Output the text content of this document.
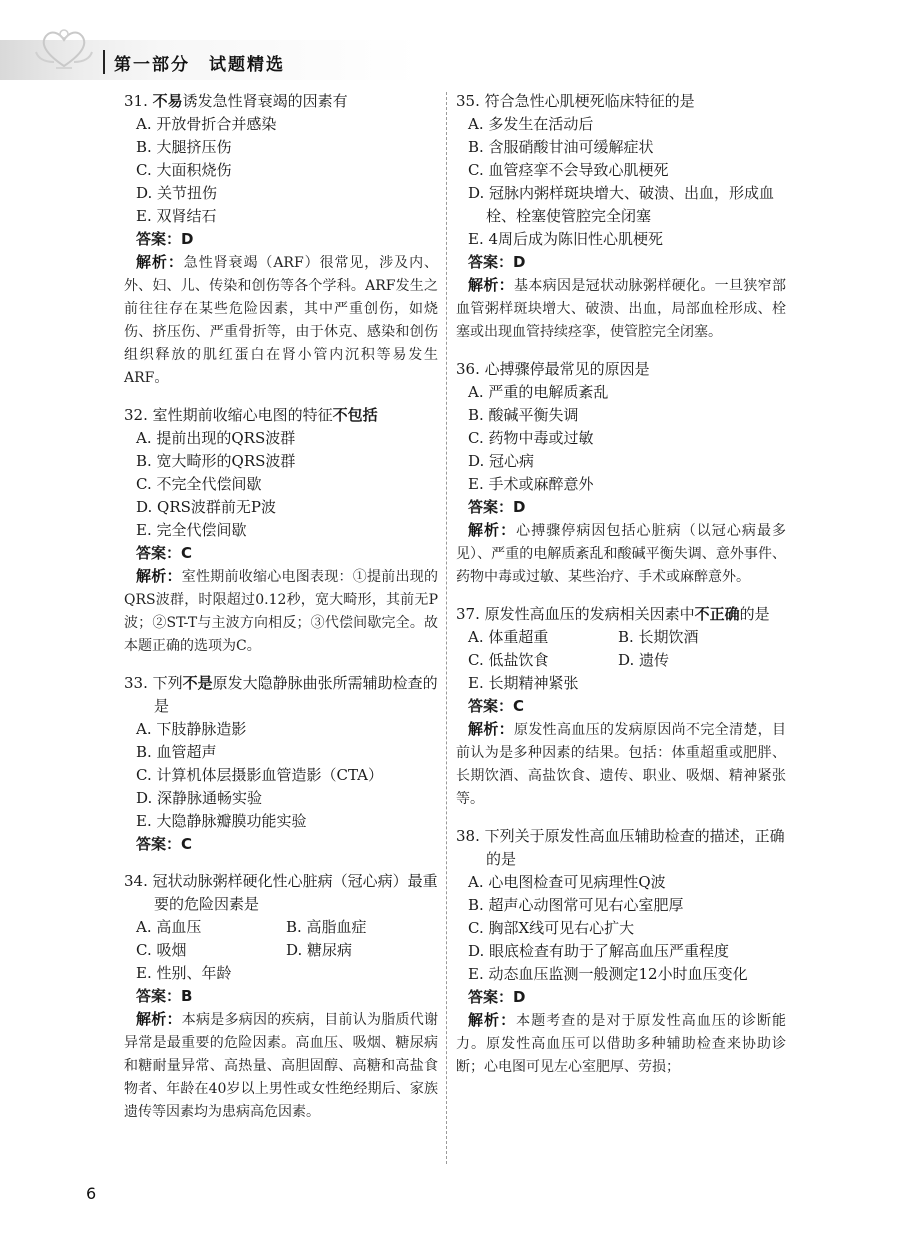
第一部分　试题精选
31. 不易诱发急性肾衰竭的因素有
A. 开放骨折合并感染
B. 大腿挤压伤
C. 大面积烧伤
D. 关节扭伤
E. 双肾结石
答案：D
解析：急性肾衰竭（ARF）很常见，涉及内、外、妇、儿、传染和创伤等各个学科。ARF发生之前往往存在某些危险因素，其中严重创伤，如烧伤、挤压伤、严重骨折等，由于休克、感染和创伤组织释放的肌红蛋白在肾小管内沉积等易发生ARF。
32. 室性期前收缩心电图的特征不包括
A. 提前出现的QRS波群
B. 宽大畸形的QRS波群
C. 不完全代偿间歇
D. QRS波群前无P波
E. 完全代偿间歇
答案：C
解析：室性期前收缩心电图表现：①提前出现的QRS波群，时限超过0.12秒，宽大畸形，其前无P波；②ST-T与主波方向相反；③代偿间歇完全。故本题正确的选项为C。
33. 下列不是原发大隐静脉曲张所需辅助检查的是
A. 下肢静脉造影
B. 血管超声
C. 计算机体层摄影血管造影（CTA）
D. 深静脉通畅实验
E. 大隐静脉瓣膜功能实验
答案：C
34. 冠状动脉粥样硬化性心脏病（冠心病）最重要的危险因素是
A. 高血压	B. 高脂血症
C. 吸烟	D. 糖尿病
E. 性别、年龄
答案：B
解析：本病是多病因的疾病，目前认为脂质代谢异常是最重要的危险因素。高血压、吸烟、糖尿病和糖耐量异常、高热量、高胆固醇、高糖和高盐食物者、年龄在40岁以上男性或女性绝经期后、家族遗传等因素均为患病高危因素。
35. 符合急性心肌梗死临床特征的是
A. 多发生在活动后
B. 含服硝酸甘油可缓解症状
C. 血管痉挛不会导致心肌梗死
D. 冠脉内粥样斑块增大、破溃、出血，形成血栓、栓塞使管腔完全闭塞
E. 4周后成为陈旧性心肌梗死
答案：D
解析：基本病因是冠状动脉粥样硬化。一旦狭窄部血管粥样斑块增大、破溃、出血，局部血栓形成、栓塞或出现血管持续痉挛，使管腔完全闭塞。
36. 心搏骤停最常见的原因是
A. 严重的电解质紊乱
B. 酸碱平衡失调
C. 药物中毒或过敏
D. 冠心病
E. 手术或麻醉意外
答案：D
解析：心搏骤停病因包括心脏病（以冠心病最多见）、严重的电解质紊乱和酸碱平衡失调、意外事件、药物中毒或过敏、某些治疗、手术或麻醉意外。
37. 原发性高血压的发病相关因素中不正确的是
A. 体重超重	B. 长期饮酒
C. 低盐饮食	D. 遗传
E. 长期精神紧张
答案：C
解析：原发性高血压的发病原因尚不完全清楚，目前认为是多种因素的结果。包括：体重超重或肥胖、长期饮酒、高盐饮食、遗传、职业、吸烟、精神紧张等。
38. 下列关于原发性高血压辅助检查的描述，正确的是
A. 心电图检查可见病理性Q波
B. 超声心动图常可见右心室肥厚
C. 胸部X线可见右心扩大
D. 眼底检查有助于了解高血压严重程度
E. 动态血压监测一般测定12小时血压变化
答案：D
解析：本题考查的是对于原发性高血压的诊断能力。原发性高血压可以借助多种辅助检查来协助诊断；心电图可见左心室肥厚、劳损；
6
